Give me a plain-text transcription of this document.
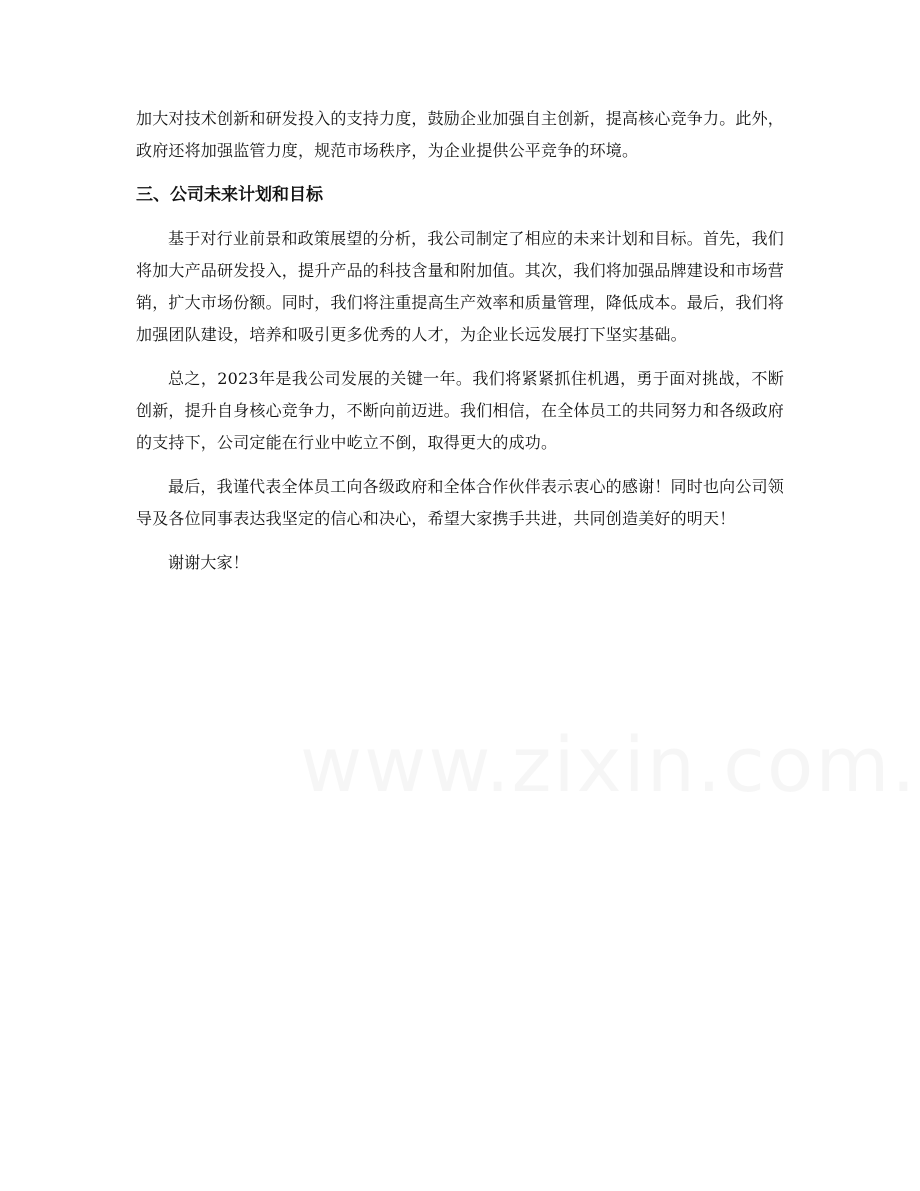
加大对技术创新和研发投入的支持力度，鼓励企业加强自主创新，提高核心竞争力。此外，政府还将加强监管力度，规范市场秩序，为企业提供公平竞争的环境。

三、公司未来计划和目标

基于对行业前景和政策展望的分析，我公司制定了相应的未来计划和目标。首先，我们将加大产品研发投入，提升产品的科技含量和附加值。其次，我们将加强品牌建设和市场营销，扩大市场份额。同时，我们将注重提高生产效率和质量管理，降低成本。最后，我们将加强团队建设，培养和吸引更多优秀的人才，为企业长远发展打下坚实基础。

总之，2023年是我公司发展的关键一年。我们将紧紧抓住机遇，勇于面对挑战，不断创新，提升自身核心竞争力，不断向前迈进。我们相信，在全体员工的共同努力和各级政府的支持下，公司定能在行业中屹立不倒，取得更大的成功。

最后，我谨代表全体员工向各级政府和全体合作伙伴表示衷心的感谢！同时也向公司领导及各位同事表达我坚定的信心和决心，希望大家携手共进，共同创造美好的明天！

谢谢大家！
